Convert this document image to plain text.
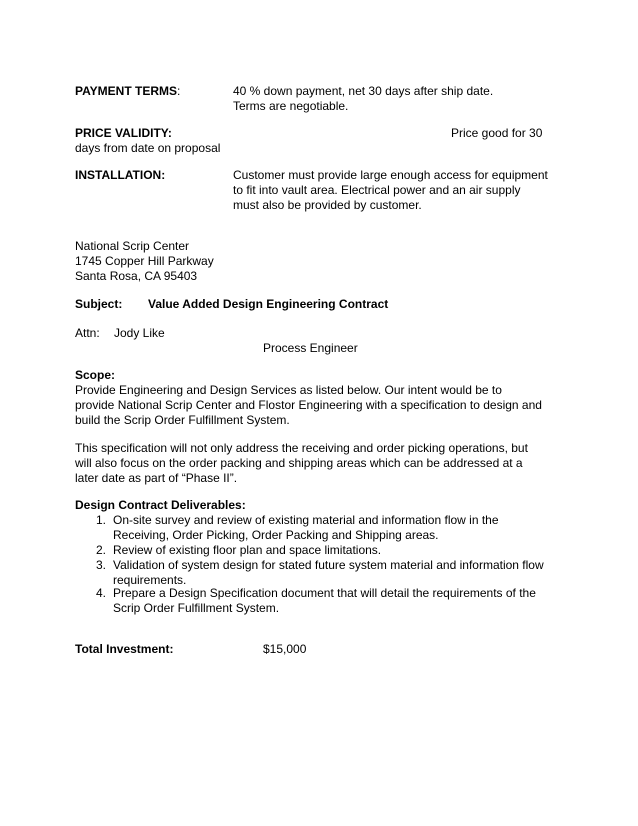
PAYMENT TERMS:	40 % down payment, net 30 days after ship date.
Terms are negotiable.
PRICE VALIDITY:	Price good for 30
days from date on proposal
INSTALLATION:	Customer must provide large enough access for equipment
to fit into vault area. Electrical power and an air supply
must also be provided by customer.
National Scrip Center
1745 Copper Hill Parkway
Santa Rosa, CA 95403
Subject: Value Added Design Engineering Contract
Attn: Jody Like
Process Engineer
Scope:
Provide Engineering and Design Services as listed below. Our intent would be to
provide National Scrip Center and Flostor Engineering with a specification to design and
build the Scrip Order Fulfillment System.
This specification will not only address the receiving and order picking operations, but
will also focus on the order packing and shipping areas which can be addressed at a
later date as part of “Phase II”.
Design Contract Deliverables:
1. On-site survey and review of existing material and information flow in the
Receiving, Order Picking, Order Packing and Shipping areas.
2. Review of existing floor plan and space limitations.
3. Validation of system design for stated future system material and information flow
requirements.
4. Prepare a Design Specification document that will detail the requirements of the
Scrip Order Fulfillment System.
Total Investment:	$15,000
